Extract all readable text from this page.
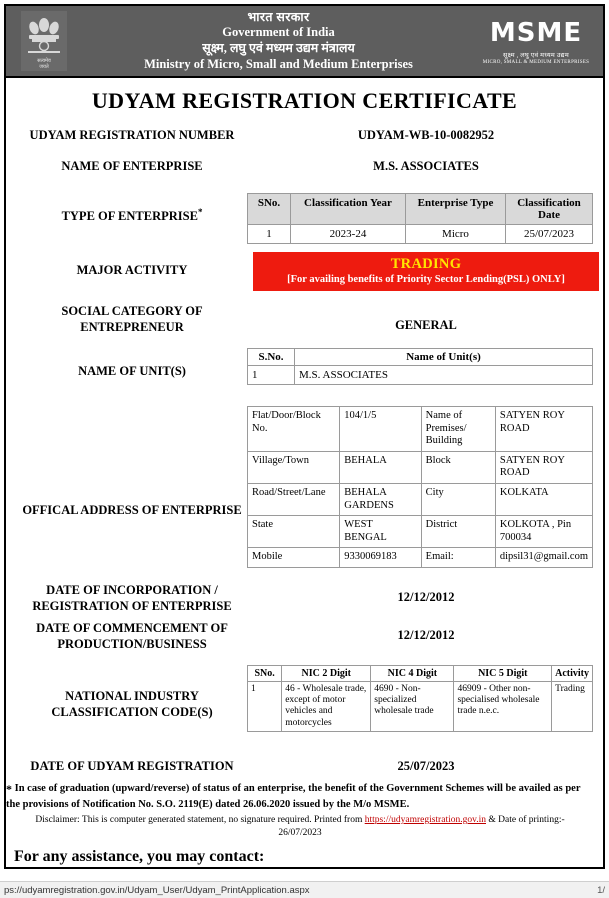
सत्यमेव
जयते
भारत सरकार
Government of India
सूक्ष्म, लघु एवं मध्यम उद्यम मंत्रालय
Ministry of Micro, Small and Medium Enterprises
MSME
सूक्ष्म , लघु एवं मध्यम उद्यम
MICRO, SMALL & MEDIUM ENTERPRISES
UDYAM REGISTRATION CERTIFICATE
UDYAM REGISTRATION NUMBER	UDYAM-WB-10-0082952
NAME OF ENTERPRISE	M.S. ASSOCIATES
TYPE OF ENTERPRISE*
SNo.	Classification Year	Enterprise Type	Classification Date
1	2023-24	Micro	25/07/2023
MAJOR ACTIVITY	TRADING
[For availing benefits of Priority Sector Lending(PSL) ONLY]
SOCIAL CATEGORY OF
ENTREPRENEUR	GENERAL
NAME OF UNIT(S)
S.No.	Name of Unit(s)
1	M.S. ASSOCIATES
OFFICAL ADDRESS OF ENTERPRISE
Flat/Door/Block No.	104/1/5	Name of Premises/ Building	SATYEN ROY ROAD
Village/Town	BEHALA	Block	SATYEN ROY ROAD
Road/Street/Lane	BEHALA GARDENS	City	KOLKATA
State	WEST BENGAL	District	KOLKOTA , Pin 700034
Mobile	9330069183	Email:	dipsil31@gmail.com
DATE OF INCORPORATION /
REGISTRATION OF ENTERPRISE
12/12/2012
DATE OF COMMENCEMENT OF
PRODUCTION/BUSINESS
12/12/2012
NATIONAL INDUSTRY
CLASSIFICATION CODE(S)
SNo.	NIC 2 Digit	NIC 4 Digit	NIC 5 Digit	Activity
1	46 - Wholesale trade, except of motor vehicles and motorcycles	4690 - Non-specialized wholesale trade	46909 - Other non-specialised wholesale trade n.e.c.	Trading
DATE OF UDYAM REGISTRATION	25/07/2023
* In case of graduation (upward/reverse) of status of an enterprise, the benefit of the Government Schemes will be availed as per
the provisions of Notification No. S.O. 2119(E) dated 26.06.2020 issued by the M/o MSME.
Disclaimer: This is computer generated statement, no signature required. Printed from https://udyamregistration.gov.in & Date of printing:-
26/07/2023
For any assistance, you may contact:
ps://udyamregistration.gov.in/Udyam_User/Udyam_PrintApplication.aspx	1/
